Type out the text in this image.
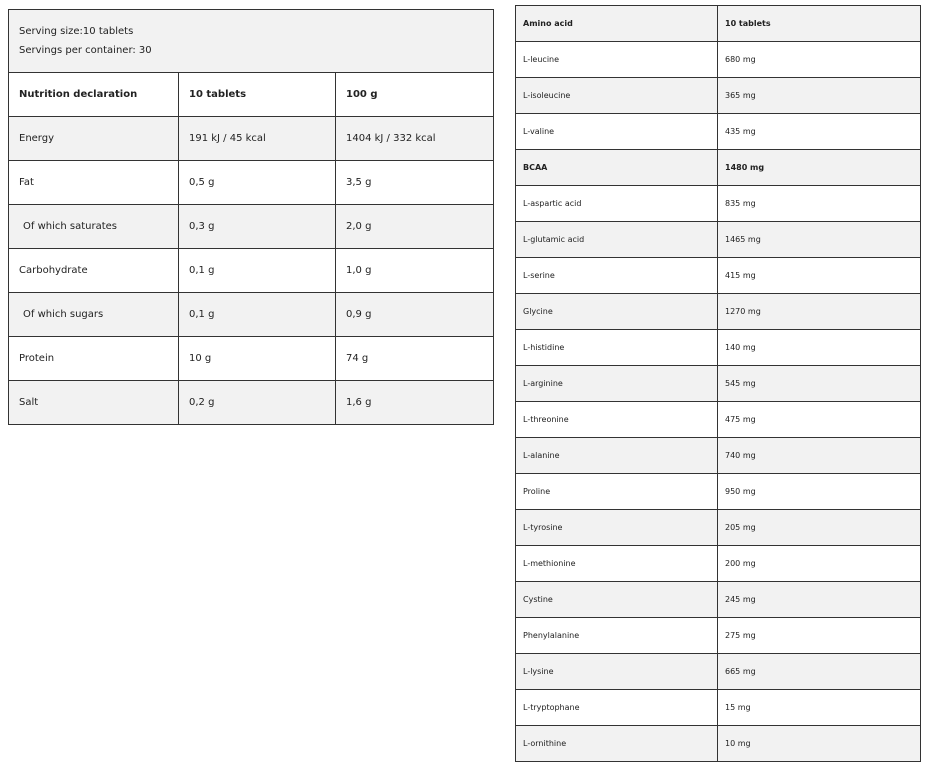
Serving size:10 tablets
Servings per container: 30		

Nutrition declaration	10 tablets	100 g
Energy	191 kJ / 45 kcal	1404 kJ / 332 kcal
Fat	0,5 g	3,5 g
Of which saturates	0,3 g	2,0 g
Carbohydrate	0,1 g	1,0 g
Of which sugars	0,1 g	0,9 g
Protein	10 g	74 g
Salt	0,2 g	1,6 g
Amino acid	10 tablets
L-leucine	680 mg
L-isoleucine	365 mg
L-valine	435 mg
BCAA	1480 mg
L-aspartic acid	835 mg
L-glutamic acid	1465 mg
L-serine	415 mg
Glycine	1270 mg
L-histidine	140 mg
L-arginine	545 mg
L-threonine	475 mg
L-alanine	740 mg
Proline	950 mg
L-tyrosine	205 mg
L-methionine	200 mg
Cystine	245 mg
Phenylalanine	275 mg
L-lysine	665 mg
L-tryptophane	15 mg
L-ornithine	10 mg
